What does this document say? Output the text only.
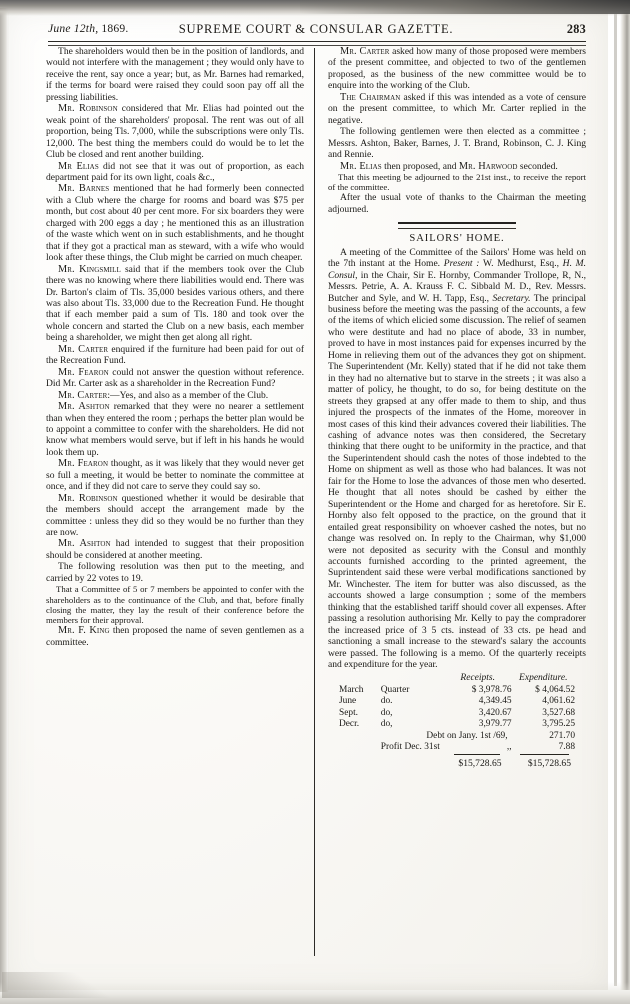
June 12th, 1869.	SUPREME COURT & CONSULAR GAZETTE.	283

The shareholders would then be in the position of landlords, and would not interfere with the management ; they would only have to receive the rent, say once a year; but, as Mr. Barnes had remarked, if the terms for board were raised they could soon pay off all the pressing liabilities.

Mr. Robinson considered that Mr. Elias had pointed out the weak point of the shareholders' proposal. The rent was out of all proportion, being Tls. 7,000, while the subscriptions were only Tls. 12,000. The best thing the members could do would be to let the Club be closed and rent another building.

Mr Elias did not see that it was out of proportion, as each department paid for its own light, coals &c.,

Mr. Barnes mentioned that he had formerly been connected with a Club where the charge for rooms and board was $75 per month, but cost about 40 per cent more. For six boarders they were charged with 200 eggs a day ; he mentioned this as an illustration of the waste which went on in such establishments, and he thought that if they got a practical man as steward, with a wife who would look after these things, the Club might be carried on much cheaper.

Mr. Kingsmill said that if the members took over the Club there was no knowing where there liabilities would end. There was Dr. Barton's claim of Tls. 35,000 besides various others, and there was also about Tls. 33,000 due to the Recreation Fund. He thought that if each member paid a sum of Tls. 180 and took over the whole concern and started the Club on a new basis, each member being a shareholder, we might then get along all right.

Mr. Carter enquired if the furniture had been paid for out of the Recreation Fund.

Mr. Fearon could not answer the question without reference. Did Mr. Carter ask as a shareholder in the Recreation Fund?

Mr. Carter:—Yes, and also as a member of the Club.

Mr. Ashton remarked that they were no nearer a settlement than when they entered the room ; perhaps the better plan would be to appoint a committee to confer with the shareholders. He did not know what members would serve, but if left in his hands he would look them up.

Mr. Fearon thought, as it was likely that they would never get so full a meeting, it would be better to nominate the committee at once, and if they did not care to serve they could say so.

Mr. Robinson questioned whether it would be desirable that the members should accept the arrangement made by the committee : unless they did so they would be no further than they are now.

Mr. Ashton had intended to suggest that their proposition should be considered at another meeting.

The following resolution was then put to the meeting, and carried by 22 votes to 19.

That a Committee of 5 or 7 members be appointed to confer with the shareholders as to the continuance of the Club, and that, before finally closing the matter, they lay the result of their conference before the members for their approval.

Mr. F. King then proposed the name of seven gentlemen as a committee.

Mr. Carter asked how many of those proposed were members of the present committee, and objected to two of the gentlemen proposed, as the business of the new committee would be to enquire into the working of the Club.

The Chairman asked if this was intended as a vote of censure on the present committee, to which Mr. Carter replied in the negative.

The following gentlemen were then elected as a committee ; Messrs. Ashton, Baker, Barnes, J. T. Brand, Robinson, C. J. King and Rennie.

Mr. Elias then proposed, and Mr. Harwood seconded.

That this meeting be adjourned to the 21st inst., to receive the report of the committee.

After the usual vote of thanks to the Chairman the meeting adjourned.

SAILORS' HOME.

A meeting of the Committee of the Sailors' Home was held on the 7th instant at the Home. Present : W. Medhurst, Esq., H. M. Consul, in the Chair, Sir E. Hornby, Commander Trollope, R, N., Messrs. Petrie, A. A. Krauss F. C. Sibbald M. D., Rev. Messrs. Butcher and Syle, and W. H. Tapp, Esq., Secretary. The principal business before the meeting was the passing of the accounts, a few of the items of which elicied some discussion. The relief of seamen who were destitute and had no place of abode, 33 in number, proved to have in most instances paid for expenses incurred by the Home in relieving them out of the advances they got on shipment. The Superintendent (Mr. Kelly) stated that if he did not take them in they had no alternative but to starve in the streets ; it was also a matter of policy, he thought, to do so, for being destitute on the streets they grapsed at any offer made to them to ship, and thus injured the prospects of the inmates of the Home, moreover in most cases of this kind their advances covered their liabilities. The cashing of advance notes was then considered, the Secretary thinking that there ought to be uniformity in the practice, and that the Superintendent should cash the notes of those indebted to the Home on shipment as well as those who had balances. It was not fair for the Home to lose the advances of those men who deserted. He thought that all notes should be cashed by either the Superintendent or the Home and charged for as heretofore. Sir E. Hornby also felt opposed to the practice, on the ground that it entailed great responsibility on whoever cashed the notes, but no change was resolved on. In reply to the Chairman, why $1,000 were not deposited as security with the Consul and monthly accounts furnished according to the printed agreement, the Suprintendent said these were verbal modifications sanctioned by Mr. Winchester. The item for butter was also discussed, as the accounts showed a large consumption ; some of the members thinking that the established tariff should cover all expenses. After passing a resolution authorising Mr. Kelly to pay the compradorer the increased price of 3 5 cts. instead of 33 cts. pe head and sanctioning a small increase to the steward's salary the accounts were passed. The following is a memo. Of the quarterly receipts and expenditure for the year.

		Receipts.	Expenditure.
March	Quarter	$ 3,978.76	$ 4,064.52
June	do.	4,349.45	4,061.62
Sept.	do,	3,420.67	3,527.68
Decr.	do,	3,979.77	3,795.25
	Debt on Jany. 1st /69,		271.70
	Profit Dec. 31st	,,	7.88

		$15,728.65	$15,728.65
